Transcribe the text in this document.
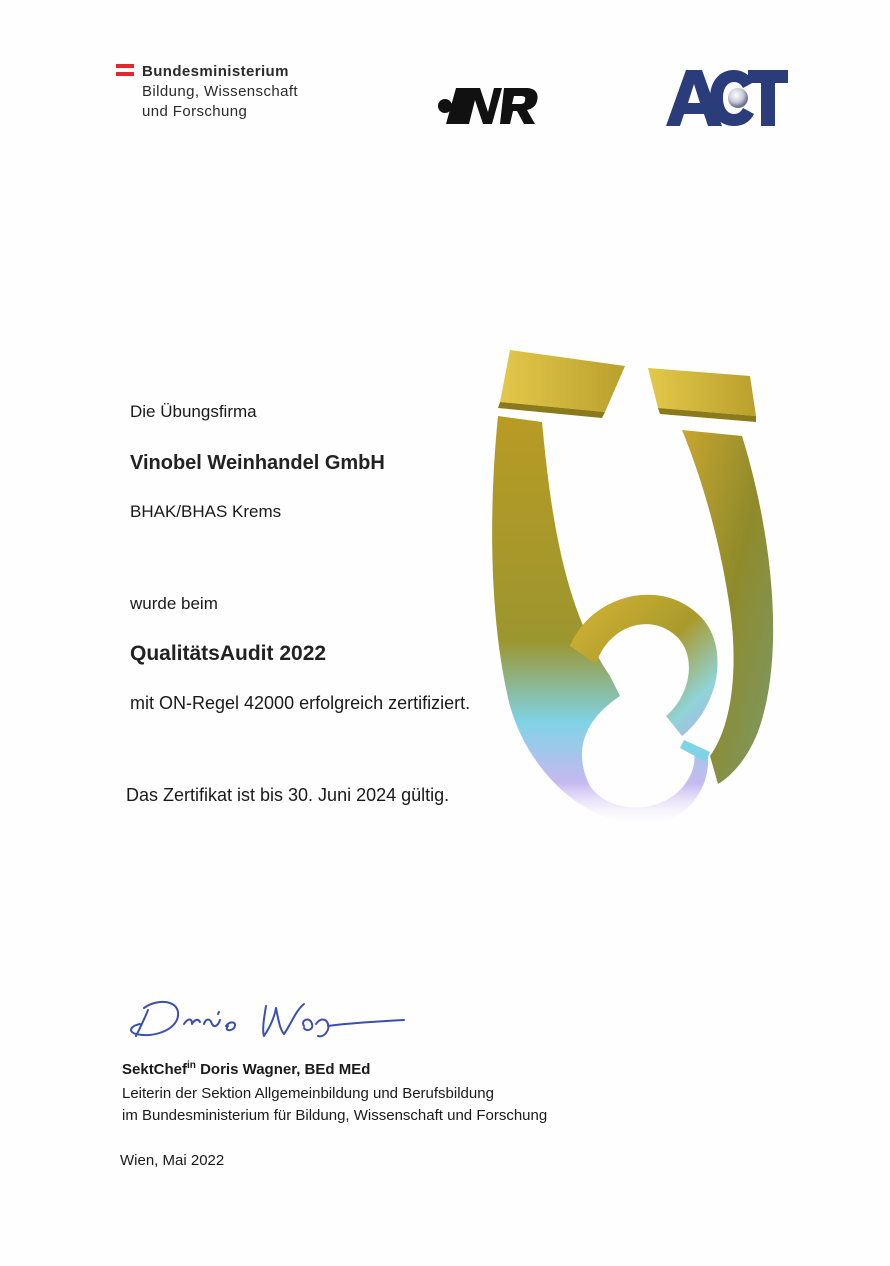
Bundesministerium
Bildung, Wissenschaft
und Forschung
Die Übungsfirma
Vinobel Weinhandel GmbH
BHAK/BHAS Krems
wurde beim
QualitätsAudit 2022
mit ON-Regel 42000 erfolgreich zertifiziert.
Das Zertifikat ist bis 30. Juni 2024 gültig.
SektChef$^{in}$ Doris Wagner, BEd MEd
Leiterin der Sektion Allgemeinbildung und Berufsbildung
im Bundesministerium für Bildung, Wissenschaft und Forschung
Wien, Mai 2022
